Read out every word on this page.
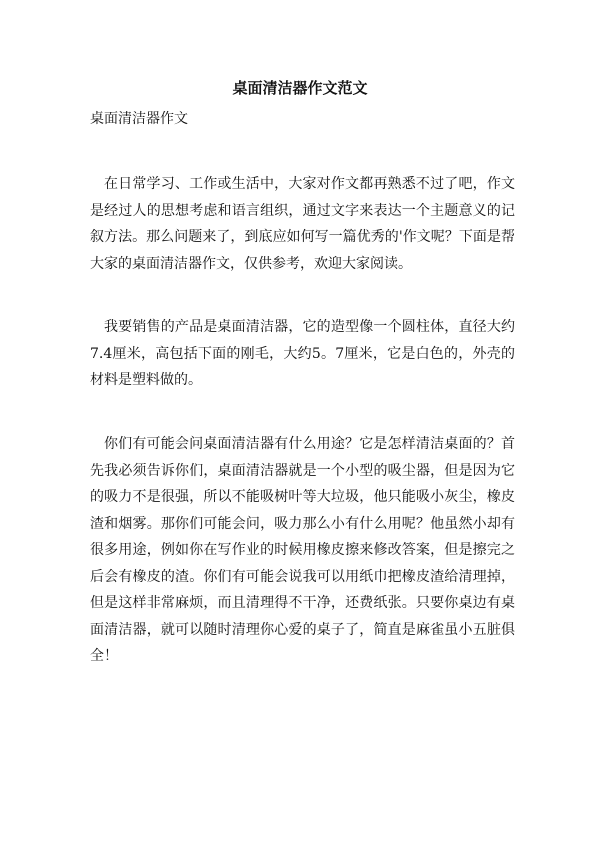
桌面清洁器作文范文

桌面清洁器作文

在日常学习、工作或生活中，大家对作文都再熟悉不过了吧，作文是经过人的思想考虑和语言组织，通过文字来表达一个主题意义的记叙方法。那么问题来了，到底应如何写一篇优秀的'作文呢？下面是帮大家的桌面清洁器作文，仅供参考，欢迎大家阅读。

我要销售的产品是桌面清洁器，它的造型像一个圆柱体，直径大约7.4厘米，高包括下面的刚毛，大约5。7厘米，它是白色的，外壳的材料是塑料做的。

你们有可能会问桌面清洁器有什么用途？它是怎样清洁桌面的？首先我必须告诉你们，桌面清洁器就是一个小型的吸尘器，但是因为它的吸力不是很强，所以不能吸树叶等大垃圾，他只能吸小灰尘，橡皮渣和烟雾。那你们可能会问，吸力那么小有什么用呢？他虽然小却有很多用途，例如你在写作业的时候用橡皮擦来修改答案，但是擦完之后会有橡皮的渣。你们有可能会说我可以用纸巾把橡皮渣给清理掉，但是这样非常麻烦，而且清理得不干净，还费纸张。只要你桌边有桌面清洁器，就可以随时清理你心爱的桌子了，简直是麻雀虽小五脏俱全！
